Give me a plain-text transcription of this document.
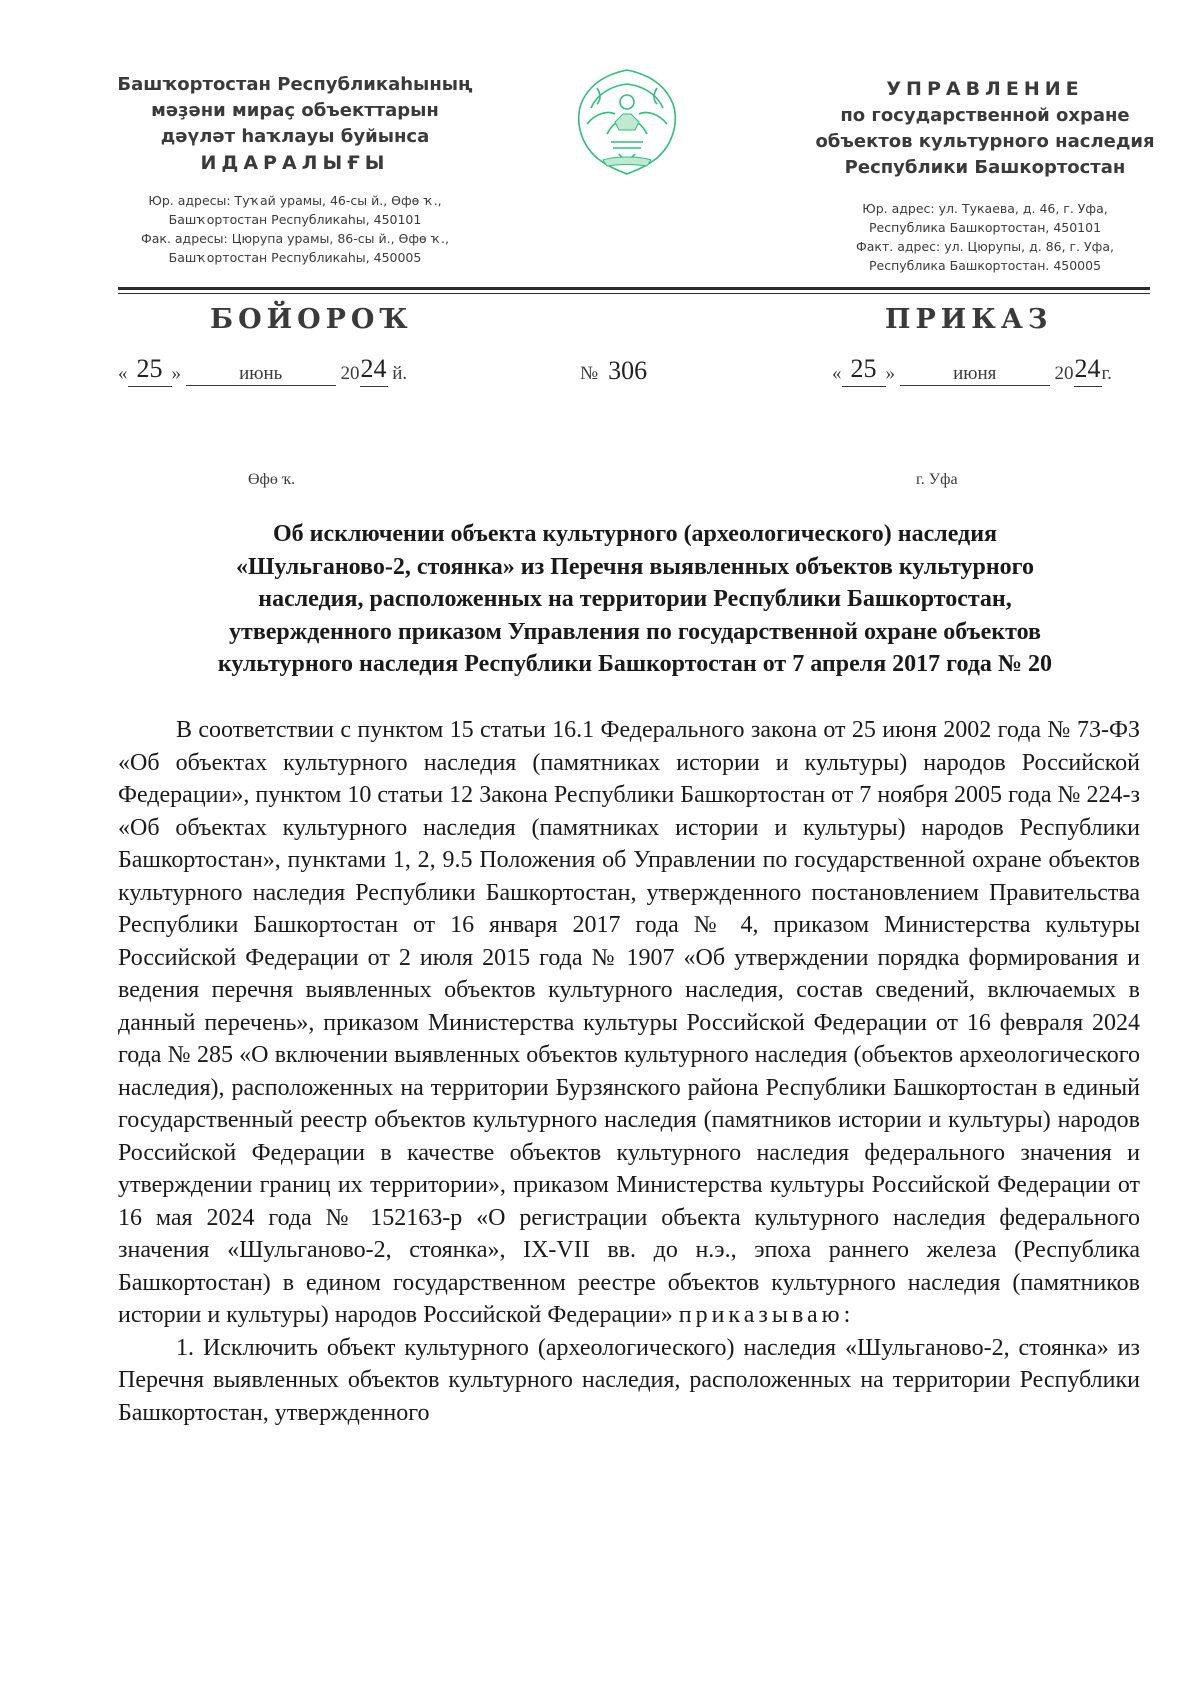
Башҡортостан Республикаһының
мәҙәни мираҫ объекттарын
дәүләт һаҡлауы буйынса
ИДАРАЛЫҒЫ
Юр. адресы: Туҡай урамы, 46-сы й., Өфө ҡ.,
Башҡортостан Республикаһы, 450101
Фак. адресы: Цюрупа урамы, 86-сы й., Өфө ҡ.,
Башҡортостан Республикаһы, 450005
УПРАВЛЕНИЕ
по государственной охране
объектов культурного наследия
Республики Башкортостан
Юр. адрес: ул. Тукаева, д. 46, г. Уфа,
Республика Башкортостан, 450101
Факт. адрес: ул. Цюрупы, д. 86, г. Уфа,
Республика Башкортостан. 450005
БОЙОРОҠ	ПРИКАЗ
« 25 »	июнь	2024 й.	№ 306	« 25 »	июня	2024г.
Өфө ҡ.	г. Уфа
Об исключении объекта культурного (археологического) наследия
«Шульганово-2, стоянка» из Перечня выявленных объектов культурного
наследия, расположенных на территории Республики Башкортостан,
утвержденного приказом Управления по государственной охране объектов
культурного наследия Республики Башкортостан от 7 апреля 2017 года № 20

В соответствии с пунктом 15 статьи 16.1 Федерального закона от 25 июня 2002 года № 73-ФЗ «Об объектах культурного наследия (памятниках истории и культуры) народов Российской Федерации», пунктом 10 статьи 12 Закона Республики Башкортостан от 7 ноября 2005 года № 224-з «Об объектах культурного наследия (памятниках истории и культуры) народов Республики Башкортостан», пунктами 1, 2, 9.5 Положения об Управлении по государственной охране объектов культурного наследия Республики Башкортостан, утвержденного постановлением Правительства Республики Башкортостан от 16 января 2017 года № 4, приказом Министерства культуры Российской Федерации от 2 июля 2015 года № 1907 «Об утверждении порядка формирования и ведения перечня выявленных объектов культурного наследия, состав сведений, включаемых в данный перечень», приказом Министерства культуры Российской Федерации от 16 февраля 2024 года № 285 «О включении выявленных объектов культурного наследия (объектов археологического наследия), расположенных на территории Бурзянского района Республики Башкортостан в единый государственный реестр объектов культурного наследия (памятников истории и культуры) народов Российской Федерации в качестве объектов культурного наследия федерального значения и утверждении границ их территории», приказом Министерства культуры Российской Федерации от 16 мая 2024 года № 152163-р «О регистрации объекта культурного наследия федерального значения «Шульганово-2, стоянка», IX-VII вв. до н.э., эпоха раннего железа (Республика Башкортостан) в едином государственном реестре объектов культурного наследия (памятников истории и культуры) народов Российской Федерации» приказываю:

1. Исключить объект культурного (археологического) наследия «Шульганово-2, стоянка» из Перечня выявленных объектов культурного наследия, расположенных на территории Республики Башкортостан, утвержденного
